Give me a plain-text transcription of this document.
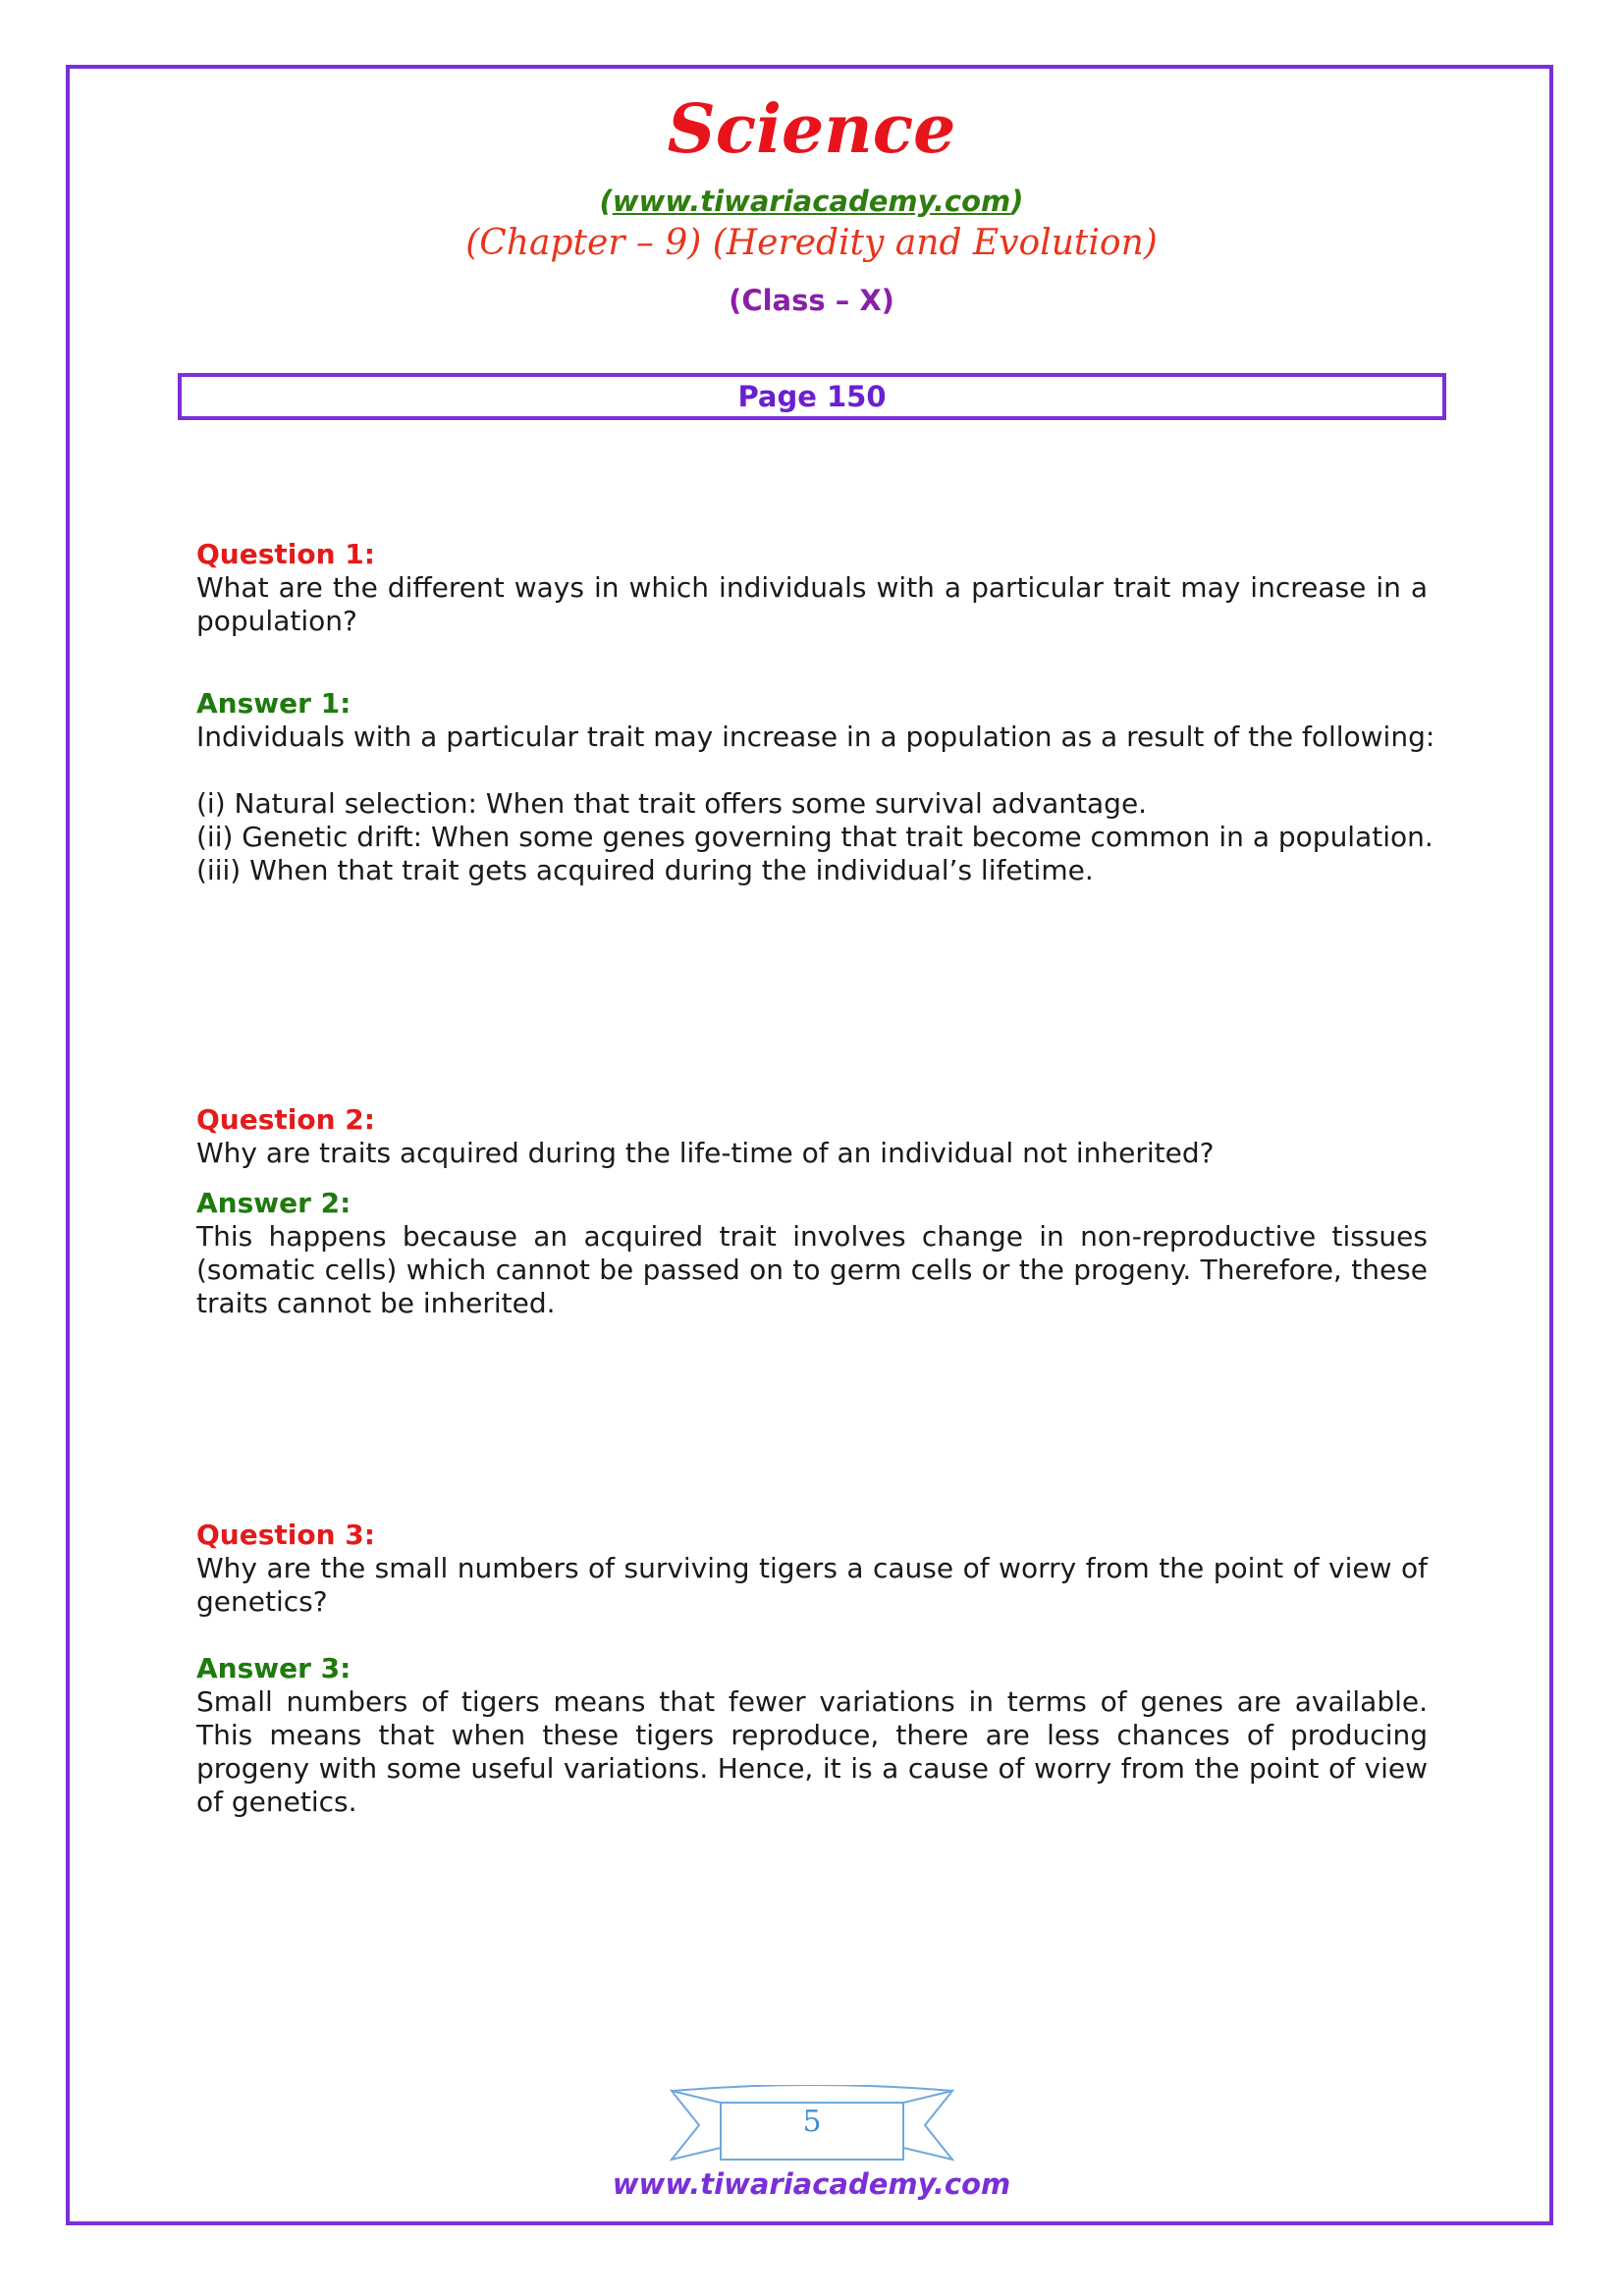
Science
(www.tiwariacademy.com)
(Chapter – 9) (Heredity and Evolution)
(Class – X)
Page 150
Question 1:
What are the different ways in which individuals with a particular trait may increase in a population?
Answer 1:
Individuals with a particular trait may increase in a population as a result of the following:
(i) Natural selection: When that trait offers some survival advantage.
(ii) Genetic drift: When some genes governing that trait become common in a population.
(iii) When that trait gets acquired during the individual’s lifetime.
Question 2:
Why are traits acquired during the life-time of an individual not inherited?
Answer 2:
This happens because an acquired trait involves change in non-reproductive tissues (somatic cells) which cannot be passed on to germ cells or the progeny. Therefore, these traits cannot be inherited.
Question 3:
Why are the small numbers of surviving tigers a cause of worry from the point of view of genetics?
Answer 3:
Small numbers of tigers means that fewer variations in terms of genes are available. This means that when these tigers reproduce, there are less chances of producing progeny with some useful variations. Hence, it is a cause of worry from the point of view of genetics.
5
www.tiwariacademy.com
